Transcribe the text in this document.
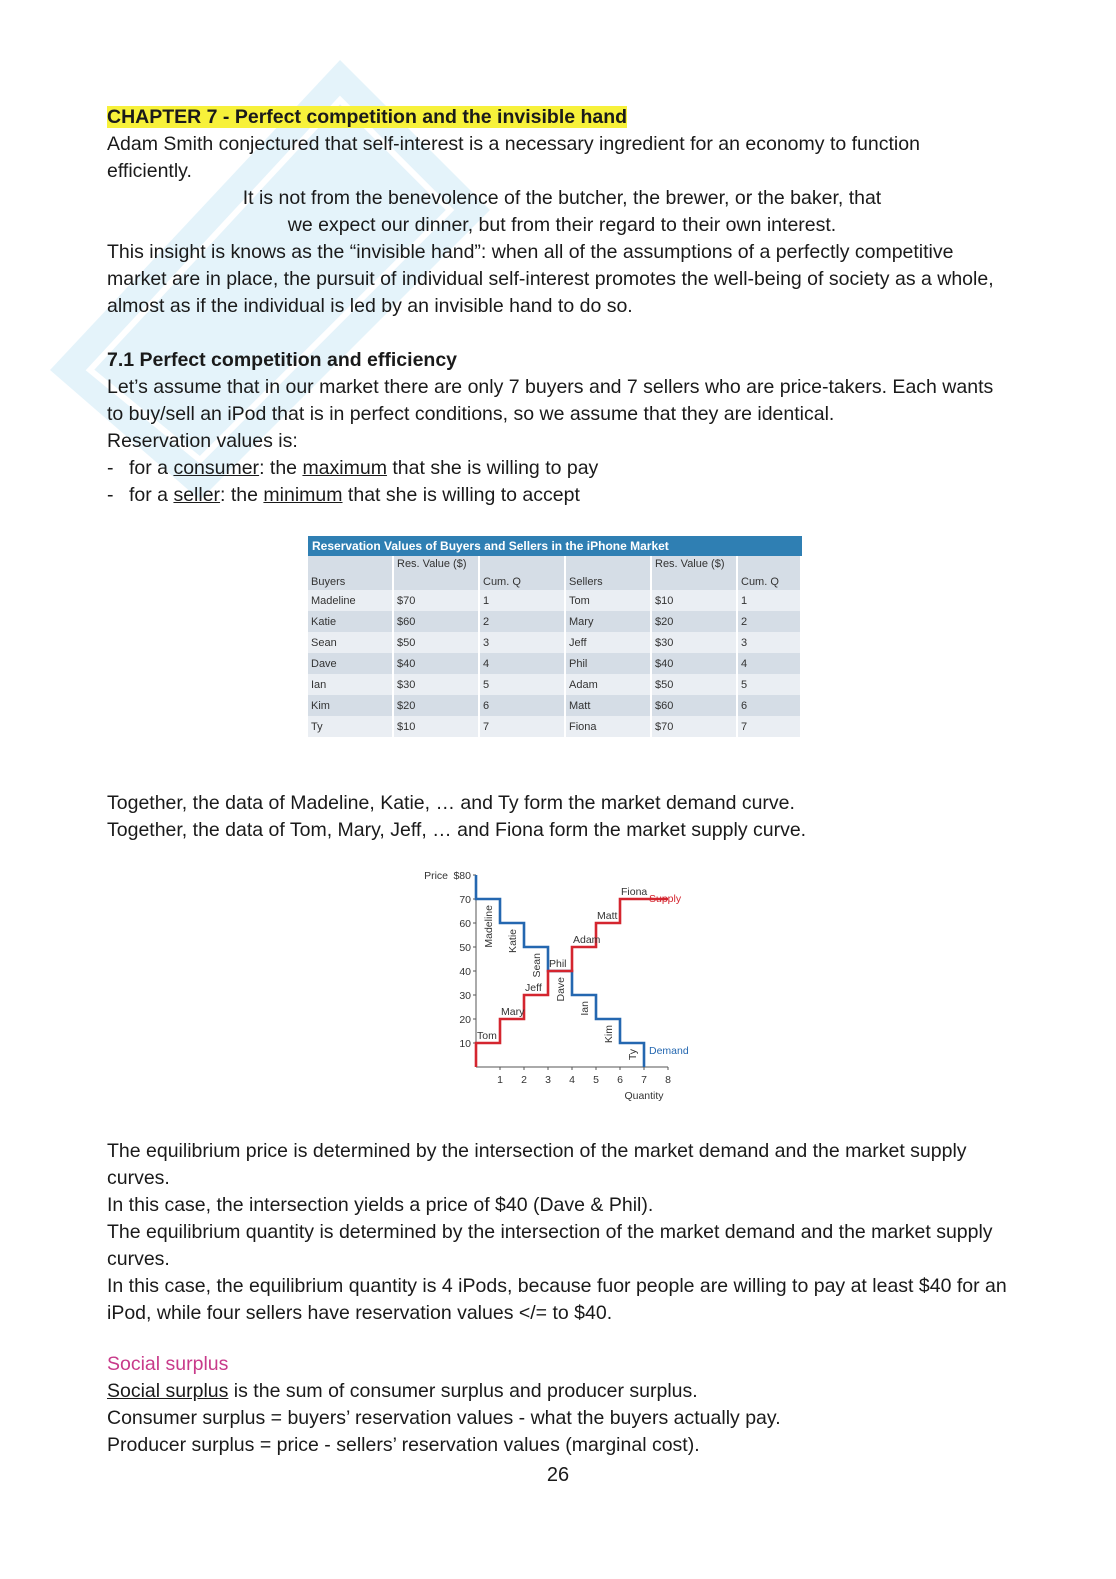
CHAPTER 7 - Perfect competition and the invisible hand

Adam Smith conjectured that self-interest is a necessary ingredient for an economy to function efficiently.

It is not from the benevolence of the butcher, the brewer, or the baker, that

we expect our dinner, but from their regard to their own interest.

This insight is knows as the “invisible hand”: when all of the assumptions of a perfectly competitive market are in place, the pursuit of individual self-interest promotes the well-being of society as a whole, almost as if the individual is led by an invisible hand to do so.

7.1 Perfect competition and efficiency

Let’s assume that in our market there are only 7 buyers and 7 sellers who are price-takers. Each wants to buy/sell an iPod that is in perfect conditions, so we assume that they are identical.

Reservation values is:

- for a consumer: the maximum that she is willing to pay
- for a seller: the minimum that she is willing to accept
Reservation Values of Buyers and Sellers in the iPhone Market
Buyers	Res. Value ($)	Cum. Q	Sellers	Res. Value ($)	Cum. Q
Madeline	$70	1	Tom	$10	1
Katie	$60	2	Mary	$20	2
Sean	$50	3	Jeff	$30	3
Dave	$40	4	Phil	$40	4
Ian	$30	5	Adam	$50	5
Kim	$20	6	Matt	$60	6
Ty	$10	7	Fiona	$70	7

Together, the data of Madeline, Katie, … and Ty form the market demand curve.

Together, the data of Tom, Mary, Jeff, … and Fiona form the market supply curve.

10
20
30
40
50
60
70
$80
1 2 3 4 5 6 7 8
Price
Quantity
Madeline Katie
Sean
Dave
Ian
Kim
Ty
Tom
Mary
Jeff
Phil
Adam
Matt
Fiona
Demand
Supply

The equilibrium price is determined by the intersection of the market demand and the market supply curves.

In this case, the intersection yields a price of $40 (Dave & Phil).

The equilibrium quantity is determined by the intersection of the market demand and the market supply curves.

In this case, the equilibrium quantity is 4 iPods, because fuor people are willing to pay at least $40 for an iPod, while four sellers have reservation values </= to $40.

Social surplus

Social surplus is the sum of consumer surplus and producer surplus.

Consumer surplus = buyers’ reservation values - what the buyers actually pay.

Producer surplus = price - sellers’ reservation values (marginal cost).

26
